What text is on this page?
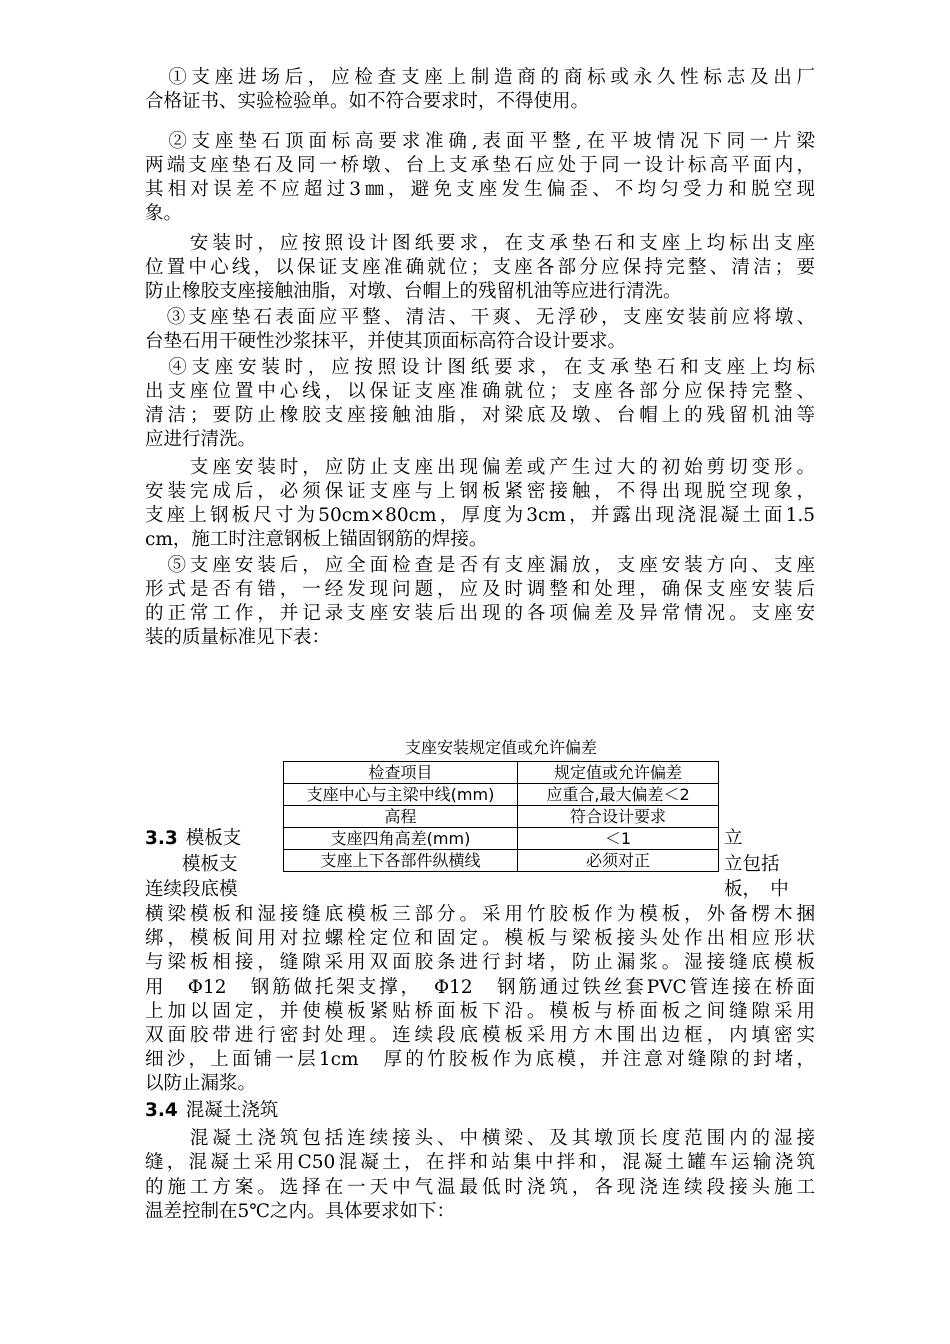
　①支座进场后，应检查支座上制造商的商标或永久性标志及出厂
合格证书、实验检验单。如不符合要求时，不得使用。
　②支座垫石顶面标高要求准确,表面平整,在平坡情况下同一片梁
两端支座垫石及同一桥墩、台上支承垫石应处于同一设计标高平面内，
其相对误差不应超过3㎜，避免支座发生偏歪、不均匀受力和脱空现
象。
　　安装时，应按照设计图纸要求，在支承垫石和支座上均标出支座
位置中心线，以保证支座准确就位；支座各部分应保持完整、清洁；要
防止橡胶支座接触油脂，对墩、台帽上的残留机油等应进行清洗。
　③支座垫石表面应平整、清洁、干爽、无浮砂，支座安装前应将墩、
台垫石用干硬性沙浆抹平，并使其顶面标高符合设计要求。
　④支座安装时，应按照设计图纸要求，在支承垫石和支座上均标
出支座位置中心线，以保证支座准确就位；支座各部分应保持完整、
清洁；要防止橡胶支座接触油脂，对梁底及墩、台帽上的残留机油等
应进行清洗。
　　支座安装时，应防止支座出现偏差或产生过大的初始剪切变形。
安装完成后，必须保证支座与上钢板紧密接触，不得出现脱空现象，
支座上钢板尺寸为50cm×80cm，厚度为3cm，并露出现浇混凝土面1.5
cm，施工时注意钢板上锚固钢筋的焊接。
　⑤支座安装后，应全面检查是否有支座漏放，支座安装方向、支座
形式是否有错，一经发现问题，应及时调整和处理，确保支座安装后
的正常工作，并记录支座安装后出现的各项偏差及异常情况。支座安
装的质量标准见下表：
支座安装规定值或允许偏差
检查项目	规定值或允许偏差
支座中心与主梁中线(mm)	应重合,最大偏差＜2
高程	符合设计要求
支座四角高差(mm)	＜1
支座上下各部件纵横线	必须对正
3.3 模板支
　　模板支
连续段底模
立
立包括
板，　中
横梁模板和湿接缝底模板三部分。采用竹胶板作为模板，外备楞木捆
绑，模板间用对拉螺栓定位和固定。模板与梁板接头处作出相应形状
与梁板相接，缝隙采用双面胶条进行封堵，防止漏浆。湿接缝底模板
用　Φ12　钢筋做托架支撑，　Φ12　钢筋通过铁丝套PVC管连接在桥面
上加以固定，并使模板紧贴桥面板下沿。模板与桥面板之间缝隙采用
双面胶带进行密封处理。连续段底模板采用方木围出边框，内填密实
细沙，上面铺一层1cm　厚的竹胶板作为底模，并注意对缝隙的封堵，
以防止漏浆。
3.4 混凝土浇筑
　　混凝土浇筑包括连续接头、中横梁、及其墩顶长度范围内的湿接
缝，混凝土采用C50混凝土，在拌和站集中拌和，混凝土罐车运输浇筑
的施工方案。选择在一天中气温最低时浇筑，各现浇连续段接头施工
温差控制在5℃之内。具体要求如下：
